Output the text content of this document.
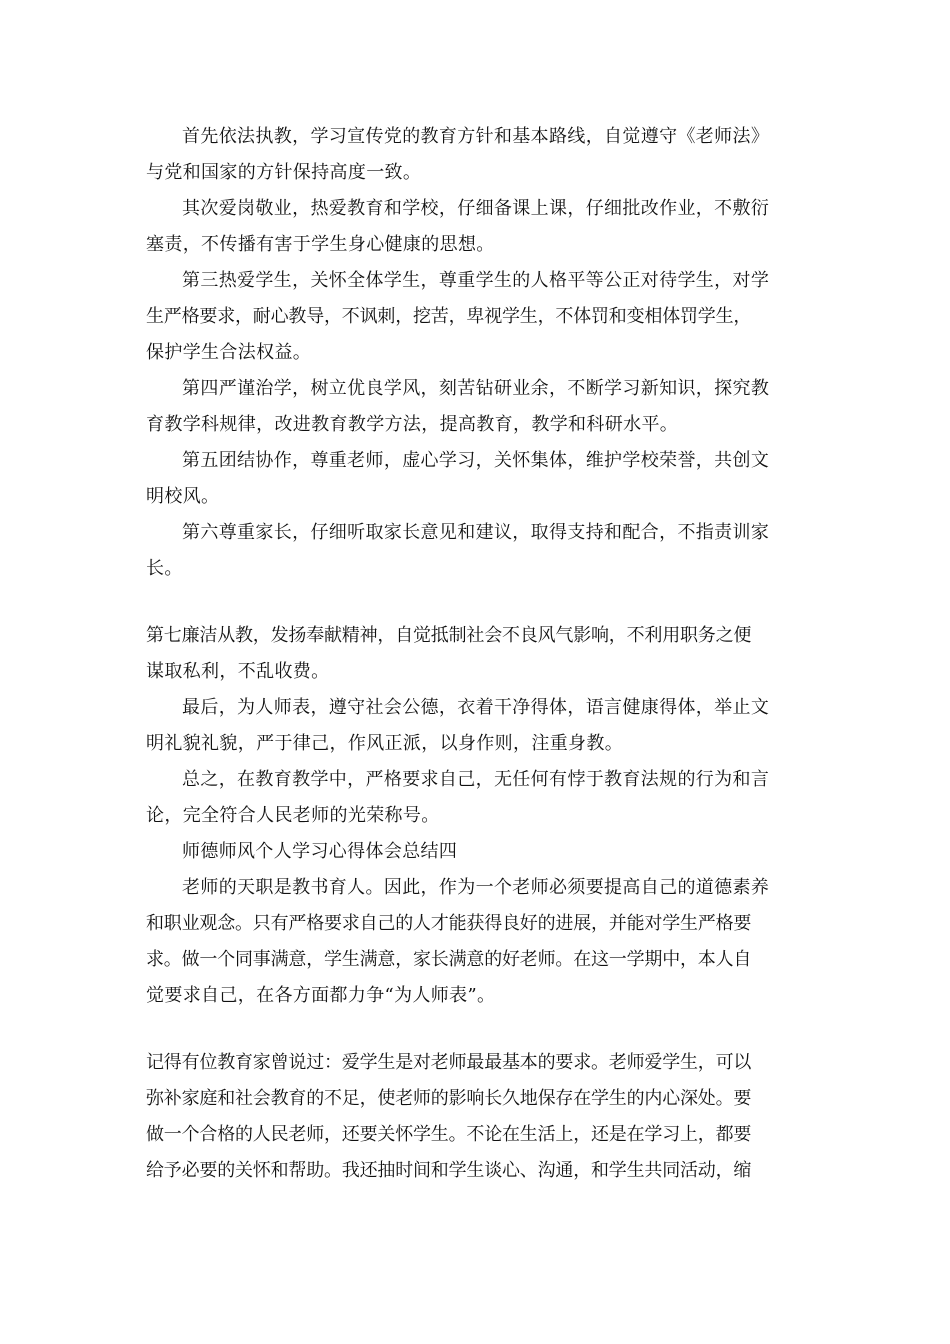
首先依法执教，学习宣传党的教育方针和基本路线，自觉遵守《老师法》
与党和国家的方针保持高度一致。
其次爱岗敬业，热爱教育和学校，仔细备课上课，仔细批改作业，不敷衍
塞责，不传播有害于学生身心健康的思想。
第三热爱学生，关怀全体学生，尊重学生的人格平等公正对待学生，对学
生严格要求，耐心教导，不讽刺，挖苦，卑视学生，不体罚和变相体罚学生，
保护学生合法权益。
第四严谨治学，树立优良学风，刻苦钻研业余，不断学习新知识，探究教
育教学科规律，改进教育教学方法，提高教育，教学和科研水平。
第五团结协作，尊重老师，虚心学习，关怀集体，维护学校荣誉，共创文
明校风。
第六尊重家长，仔细听取家长意见和建议，取得支持和配合，不指责训家
长。
第七廉洁从教，发扬奉献精神，自觉抵制社会不良风气影响，不利用职务之便
谋取私利，不乱收费。
最后，为人师表，遵守社会公德，衣着干净得体，语言健康得体，举止文
明礼貌礼貌，严于律己，作风正派，以身作则，注重身教。
总之，在教育教学中，严格要求自己，无任何有悖于教育法规的行为和言
论，完全符合人民老师的光荣称号。
师德师风个人学习心得体会总结四
老师的天职是教书育人。因此，作为一个老师必须要提高自己的道德素养
和职业观念。只有严格要求自己的人才能获得良好的进展，并能对学生严格要
求。做一个同事满意，学生满意，家长满意的好老师。在这一学期中，本人自
觉要求自己，在各方面都力争“为人师表”。
记得有位教育家曾说过：爱学生是对老师最最基本的要求。老师爱学生，可以
弥补家庭和社会教育的不足，使老师的影响长久地保存在学生的内心深处。要
做一个合格的人民老师，还要关怀学生。不论在生活上，还是在学习上，都要
给予必要的关怀和帮助。我还抽时间和学生谈心、沟通，和学生共同活动，缩
